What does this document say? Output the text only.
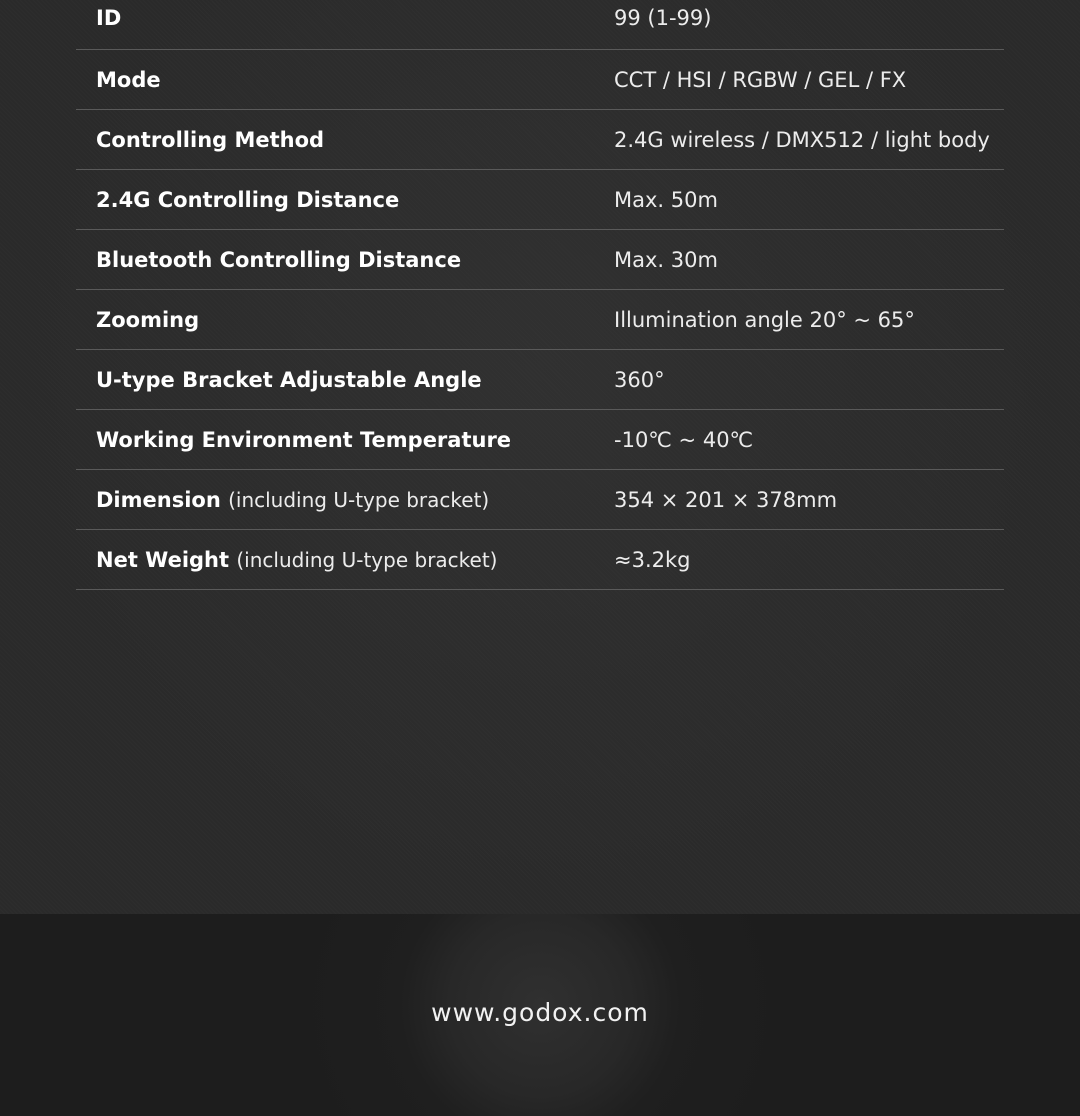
ID	99 (1-99)
Mode	CCT / HSI / RGBW / GEL / FX
Controlling Method	2.4G wireless / DMX512 / light body
2.4G Controlling Distance	Max. 50m
Bluetooth Controlling Distance	Max. 30m
Zooming	Illumination angle 20° ~ 65°
U-type Bracket Adjustable Angle	360°
Working Environment Temperature	-10℃ ~ 40℃
Dimension (including U-type bracket)	354 × 201 × 378mm
Net Weight (including U-type bracket)	≈3.2kg
www.godox.com
